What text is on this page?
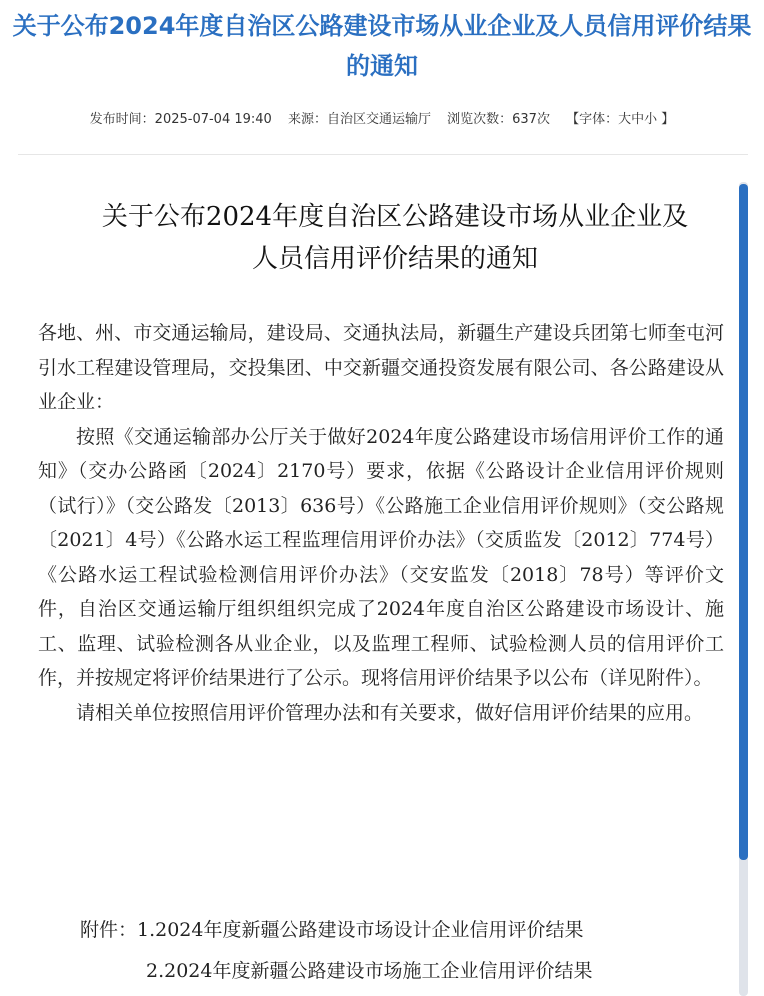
关于公布2024年度自治区公路建设市场从业企业及人员信用评价结果的通知
发布时间：2025-07-04 19:40 来源：自治区交通运输厅 浏览次数：637次 【字体：大中小 】
关于公布2024年度自治区公路建设市场从业企业及
人员信用评价结果的通知

各地、州、市交通运输局，建设局、交通执法局，新疆生产建设兵团第七师奎屯河引水工程建设管理局，交投集团、中交新疆交通投资发展有限公司、各公路建设从业企业：

按照《交通运输部办公厅关于做好2024年度公路建设市场信用评价工作的通知》（交办公路函〔2024〕2170号）要求，依据《公路设计企业信用评价规则（试行）》（交公路发〔2013〕636号）《公路施工企业信用评价规则》（交公路规〔2021〕4号）《公路水运工程监理信用评价办法》（交质监发〔2012〕774号）《公路水运工程试验检测信用评价办法》（交安监发〔2018〕78号）等评价文件，自治区交通运输厅组织组织完成了2024年度自治区公路建设市场设计、施工、监理、试验检测各从业企业，以及监理工程师、试验检测人员的信用评价工作，并按规定将评价结果进行了公示。现将信用评价结果予以公布（详见附件）。

请相关单位按照信用评价管理办法和有关要求，做好信用评价结果的应用。

附件：1.2024年度新疆公路建设市场设计企业信用评价结果
2.2024年度新疆公路建设市场施工企业信用评价结果
